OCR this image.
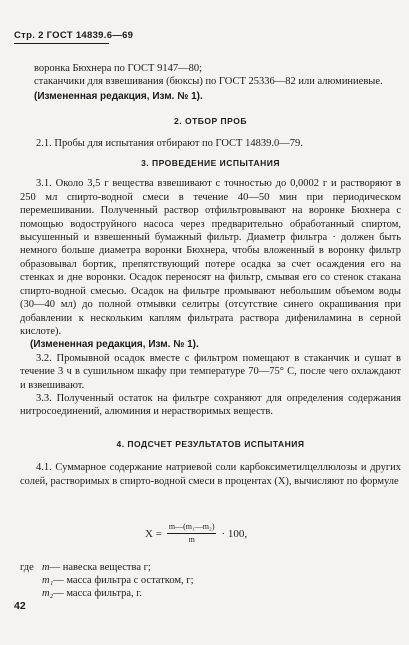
Стр. 2 ГОСТ 14839.6—69

воронка Бюхнера по ГОСТ 9147—80;

стаканчики для взвешивания (бюксы) по ГОСТ 25336—82 или алюминиевые.

(Измененная редакция, Изм. № 1).

2. ОТБОР ПРОБ

2.1. Пробы для испытания отбирают по ГОСТ 14839.0—79.

3. ПРОВЕДЕНИЕ ИСПЫТАНИЯ

3.1. Около 3,5 г вещества взвешивают с точностью до 0,0002 г и растворяют в 250 мл спирто-водной смеси в течение 40—50 мин при периодическом перемешивании. Полученный раствор отфильтровывают на воронке Бюхнера с помощью водоструйного насоса через предварительно обработанный спиртом, высушенный и взвешенный бумажный фильтр. Диаметр фильтра · должен быть немного больше диаметра воронки Бюхнера, чтобы вложенный в воронку фильтр образовывал бортик, препятствующий потере осадка за счет осаждения его на стенках и дне воронки. Осадок переносят на фильтр, смывая его со стенок стакана спирто-водной смесью. Осадок на фильтре промывают небольшим объемом воды (30—40 мл) до полной отмывки селитры (отсутствие синего окрашивания при добавлении к нескольким каплям фильтрата раствора дифениламина в серной кислоте).

(Измененная редакция, Изм. № 1).

3.2. Промывной осадок вместе с фильтром помещают в стаканчик и сушат в течение 3 ч в сушильном шкафу при температуре 70—75° С, после чего охлаждают и взвешивают.

3.3. Полученный остаток на фильтре сохраняют для определения содержания нитросоединений, алюминия и нерастворимых веществ.

4. ПОДСЧЕТ РЕЗУЛЬТАТОВ ИСПЫТАНИЯ

4.1. Суммарное содержание натриевой соли карбоксиметилцеллюлозы и других солей, растворимых в спирто-водной смеси в процентах (X), вычисляют по формуле

$X = \frac{\text{m—(m₁—m₂)}}{m} \cdot 100$,
где m — навеска вещества г;
m₁ — масса фильтра с остатком, г;
m₂ — масса фильтра, г.
42
